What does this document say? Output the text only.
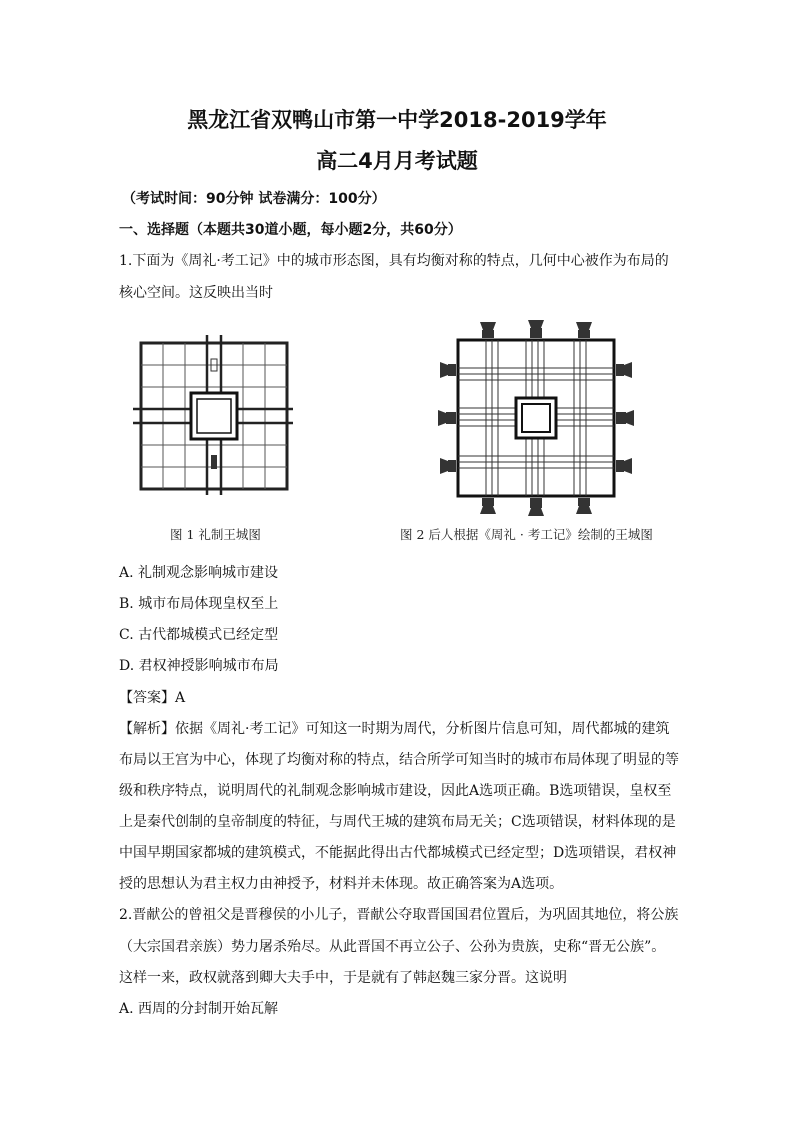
黑龙江省双鸭山市第一中学2018-2019学年
高二4月月考试题
（考试时间：90分钟 试卷满分：100分）
一、选择题（本题共30道小题，每小题2分，共60分）
1.下面为《周礼·考工记》中的城市形态图，具有均衡对称的特点，几何中心被作为布局的
核心空间。这反映出当时
图 1 礼制王城图	图 2 后人根据《周礼 · 考工记》绘制的王城图
A. 礼制观念影响城市建设
B. 城市布局体现皇权至上
C. 古代都城模式已经定型
D. 君权神授影响城市布局
【答案】A
【解析】依据《周礼·考工记》可知这一时期为周代，分析图片信息可知，周代都城的建筑
布局以王宫为中心，体现了均衡对称的特点，结合所学可知当时的城市布局体现了明显的等
级和秩序特点，说明周代的礼制观念影响城市建设，因此A选项正确。B选项错误，皇权至
上是秦代创制的皇帝制度的特征，与周代王城的建筑布局无关；C选项错误，材料体现的是
中国早期国家都城的建筑模式，不能据此得出古代都城模式已经定型；D选项错误，君权神
授的思想认为君主权力由神授予，材料并未体现。故正确答案为A选项。
2.晋献公的曾祖父是晋穆侯的小儿子，晋献公夺取晋国国君位置后，为巩固其地位，将公族
（大宗国君亲族）势力屠杀殆尽。从此晋国不再立公子、公孙为贵族，史称“晋无公族”。
这样一来，政权就落到卿大夫手中，于是就有了韩赵魏三家分晋。这说明
A. 西周的分封制开始瓦解
